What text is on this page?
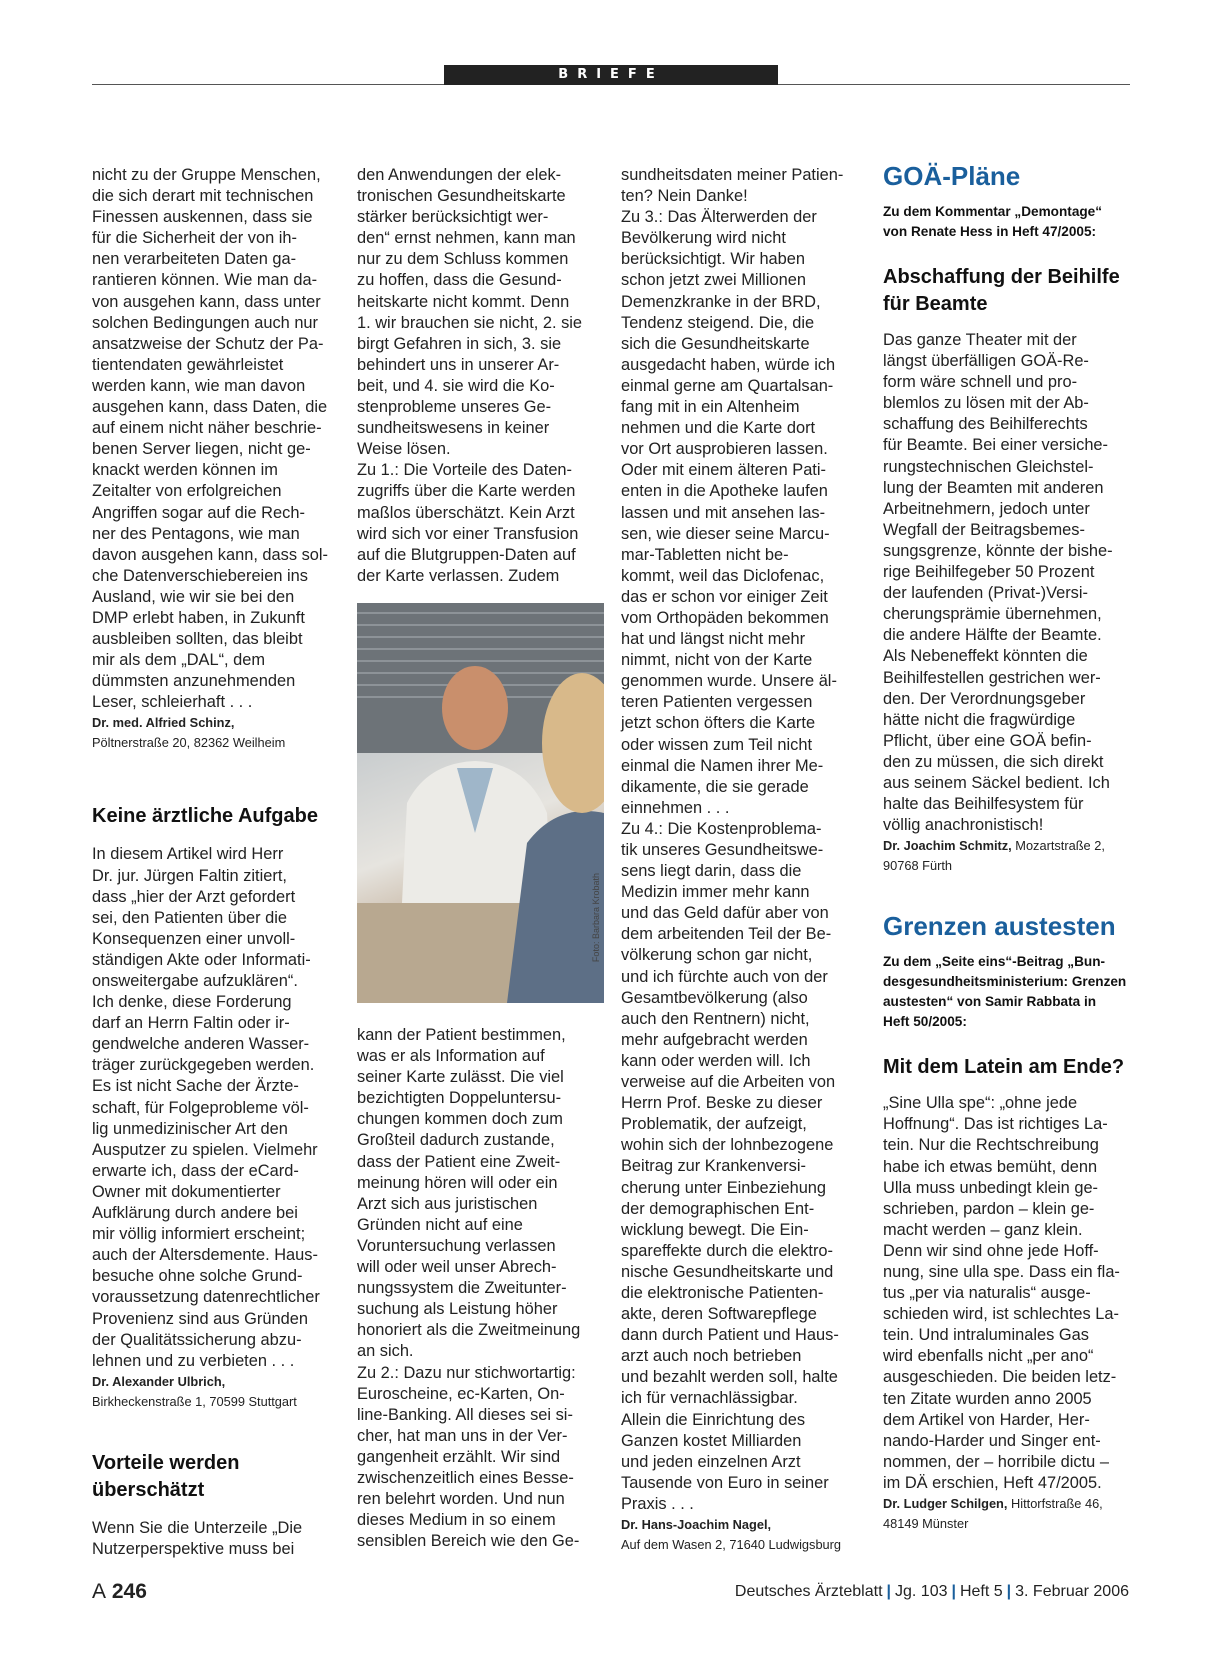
BRIEFE
nicht zu der Gruppe Menschen,
die sich derart mit technischen
Finessen auskennen, dass sie
für die Sicherheit der von ih-
nen verarbeiteten Daten ga-
rantieren können. Wie man da-
von ausgehen kann, dass unter
solchen Bedingungen auch nur
ansatzweise der Schutz der Pa-
tientendaten gewährleistet
werden kann, wie man davon
ausgehen kann, dass Daten, die
auf einem nicht näher beschrie-
benen Server liegen, nicht ge-
knackt werden können im
Zeitalter von erfolgreichen
Angriffen sogar auf die Rech-
ner des Pentagons, wie man
davon ausgehen kann, dass sol-
che Datenverschiebereien ins
Ausland, wie wir sie bei den
DMP erlebt haben, in Zukunft
ausbleiben sollten, das bleibt
mir als dem „DAL“, dem
dümmsten anzunehmenden
Leser, schleierhaft . . .

Dr. med. Alfried Schinz,
Pöltnerstraße 20, 82362 Weilheim

Keine ärztliche Aufgabe

In diesem Artikel wird Herr
Dr. jur. Jürgen Faltin zitiert,
dass „hier der Arzt gefordert
sei, den Patienten über die
Konsequenzen einer unvoll-
ständigen Akte oder Informati-
onsweitergabe aufzuklären“.
Ich denke, diese Forderung
darf an Herrn Faltin oder ir-
gendwelche anderen Wasser-
träger zurückgegeben werden.
Es ist nicht Sache der Ärzte-
schaft, für Folgeprobleme völ-
lig unmedizinischer Art den
Ausputzer zu spielen. Vielmehr
erwarte ich, dass der eCard-
Owner mit dokumentierter
Aufklärung durch andere bei
mir völlig informiert erscheint;
auch der Altersdemente. Haus-
besuche ohne solche Grund-
voraussetzung datenrechtlicher
Provenienz sind aus Gründen
der Qualitätssicherung abzu-
lehnen und zu verbieten . . .

Dr. Alexander Ulbrich,
Birkheckenstraße 1, 70599 Stuttgart

Vorteile werden
überschätzt

Wenn Sie die Unterzeile „Die
Nutzerperspektive muss bei
den Anwendungen der elek-
tronischen Gesundheitskarte
stärker berücksichtigt wer-
den“ ernst nehmen, kann man
nur zu dem Schluss kommen
zu hoffen, dass die Gesund-
heitskarte nicht kommt. Denn
1. wir brauchen sie nicht, 2. sie
birgt Gefahren in sich, 3. sie
behindert uns in unserer Ar-
beit, und 4. sie wird die Ko-
stenprobleme unseres Ge-
sundheitswesens in keiner
Weise lösen.
Zu 1.: Die Vorteile des Daten-
zugriffs über die Karte werden
maßlos überschätzt. Kein Arzt
wird sich vor einer Transfusion
auf die Blutgruppen-Daten auf
der Karte verlassen. Zudem
Foto: Barbara Krobath
kann der Patient bestimmen,
was er als Information auf
seiner Karte zulässt. Die viel
bezichtigten Doppeluntersu-
chungen kommen doch zum
Großteil dadurch zustande,
dass der Patient eine Zweit-
meinung hören will oder ein
Arzt sich aus juristischen
Gründen nicht auf eine
Voruntersuchung verlassen
will oder weil unser Abrech-
nungssystem die Zweitunter-
suchung als Leistung höher
honoriert als die Zweitmeinung
an sich.
Zu 2.: Dazu nur stichwortartig:
Euroscheine, ec-Karten, On-
line-Banking. All dieses sei si-
cher, hat man uns in der Ver-
gangenheit erzählt. Wir sind
zwischenzeitlich eines Besse-
ren belehrt worden. Und nun
dieses Medium in so einem
sensiblen Bereich wie den Ge-
sundheitsdaten meiner Patien-
ten? Nein Danke!
Zu 3.: Das Älterwerden der
Bevölkerung wird nicht
berücksichtigt. Wir haben
schon jetzt zwei Millionen
Demenzkranke in der BRD,
Tendenz steigend. Die, die
sich die Gesundheitskarte
ausgedacht haben, würde ich
einmal gerne am Quartalsan-
fang mit in ein Altenheim
nehmen und die Karte dort
vor Ort ausprobieren lassen.
Oder mit einem älteren Pati-
enten in die Apotheke laufen
lassen und mit ansehen las-
sen, wie dieser seine Marcu-
mar-Tabletten nicht be-
kommt, weil das Diclofenac,
das er schon vor einiger Zeit
vom Orthopäden bekommen
hat und längst nicht mehr
nimmt, nicht von der Karte
genommen wurde. Unsere äl-
teren Patienten vergessen
jetzt schon öfters die Karte
oder wissen zum Teil nicht
einmal die Namen ihrer Me-
dikamente, die sie gerade
einnehmen . . .
Zu 4.: Die Kostenproblema-
tik unseres Gesundheitswe-
sens liegt darin, dass die
Medizin immer mehr kann
und das Geld dafür aber von
dem arbeitenden Teil der Be-
völkerung schon gar nicht,
und ich fürchte auch von der
Gesamtbevölkerung (also
auch den Rentnern) nicht,
mehr aufgebracht werden
kann oder werden will. Ich
verweise auf die Arbeiten von
Herrn Prof. Beske zu dieser
Problematik, der aufzeigt,
wohin sich der lohnbezogene
Beitrag zur Krankenversi-
cherung unter Einbeziehung
der demographischen Ent-
wicklung bewegt. Die Ein-
spareffekte durch die elektro-
nische Gesundheitskarte und
die elektronische Patienten-
akte, deren Softwarepflege
dann durch Patient und Haus-
arzt auch noch betrieben
und bezahlt werden soll, halte
ich für vernachlässigbar.
Allein die Einrichtung des
Ganzen kostet Milliarden
und jeden einzelnen Arzt
Tausende von Euro in seiner
Praxis . . .

Dr. Hans-Joachim Nagel,
Auf dem Wasen 2, 71640 Ludwigsburg

GOÄ-Pläne

Zu dem Kommentar „Demontage“
von Renate Hess in Heft 47/2005:

Abschaffung der Beihilfe
für Beamte

Das ganze Theater mit der
längst überfälligen GOÄ-Re-
form wäre schnell und pro-
blemlos zu lösen mit der Ab-
schaffung des Beihilferechts
für Beamte. Bei einer versiche-
rungstechnischen Gleichstel-
lung der Beamten mit anderen
Arbeitnehmern, jedoch unter
Wegfall der Beitragsbemes-
sungsgrenze, könnte der bishe-
rige Beihilfegeber 50 Prozent
der laufenden (Privat-)Versi-
cherungsprämie übernehmen,
die andere Hälfte der Beamte.
Als Nebeneffekt könnten die
Beihilfestellen gestrichen wer-
den. Der Verordnungsgeber
hätte nicht die fragwürdige
Pflicht, über eine GOÄ befin-
den zu müssen, die sich direkt
aus seinem Säckel bedient. Ich
halte das Beihilfesystem für
völlig anachronistisch!

Dr. Joachim Schmitz, Mozartstraße 2,
90768 Fürth

Grenzen austesten

Zu dem „Seite eins“-Beitrag „Bun-
desgesundheitsministerium: Grenzen
austesten“ von Samir Rabbata in
Heft 50/2005:

Mit dem Latein am Ende?

„Sine Ulla spe“: „ohne jede
Hoffnung“. Das ist richtiges La-
tein. Nur die Rechtschreibung
habe ich etwas bemüht, denn
Ulla muss unbedingt klein ge-
schrieben, pardon – klein ge-
macht werden – ganz klein.
Denn wir sind ohne jede Hoff-
nung, sine ulla spe. Dass ein fla-
tus „per via naturalis“ ausge-
schieden wird, ist schlechtes La-
tein. Und intraluminales Gas
wird ebenfalls nicht „per ano“
ausgeschieden. Die beiden letz-
ten Zitate wurden anno 2005
dem Artikel von Harder, Her-
nando-Harder und Singer ent-
nommen, der – horribile dictu –
im DÄ erschien, Heft 47/2005.

Dr. Ludger Schilgen, Hittorfstraße 46,
48149 Münster

A 246	Deutsches Ärzteblatt | Jg. 103 | Heft 5 | 3. Februar 2006
